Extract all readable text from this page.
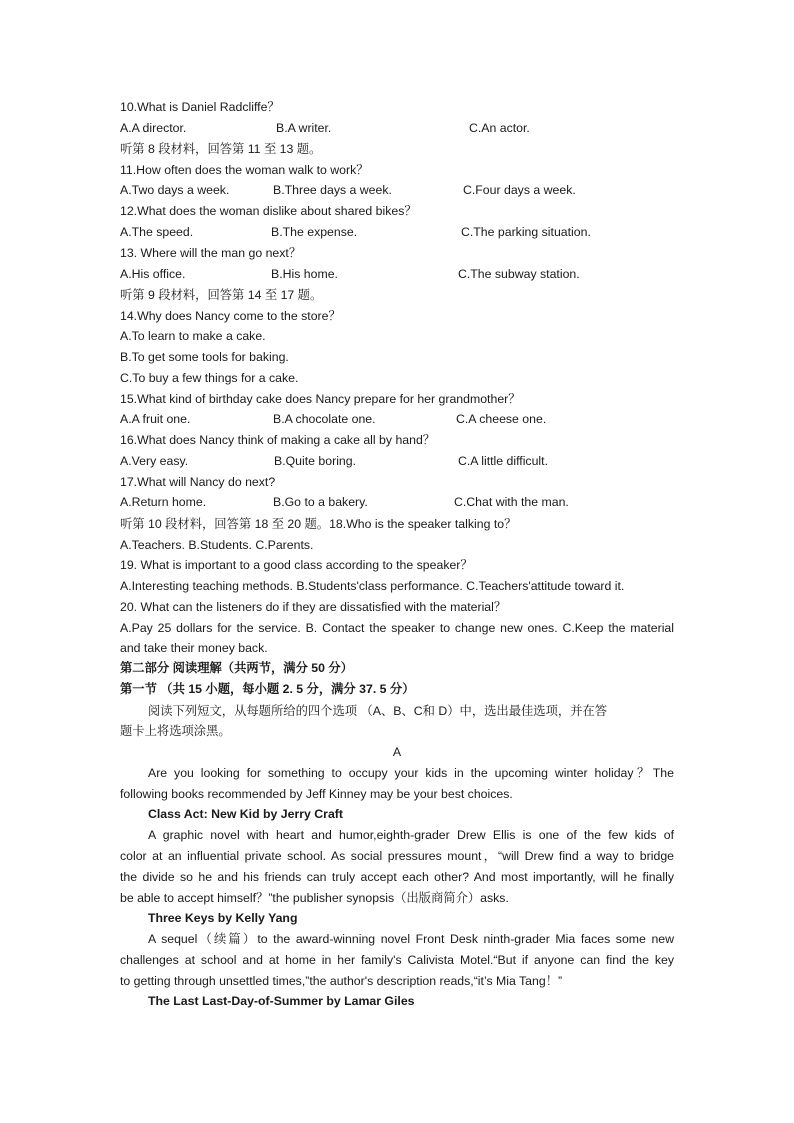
10.What is Daniel Radcliffe？
A.A director.	B.A writer.	C.An actor.
听第 8 段材料，回答第 11 至 13 题。
11.How often does the woman walk to work？
A.Two days a week.	B.Three days a week.	C.Four days a week.
12.What does the woman dislike about shared bikes？
A.The speed.	B.The expense.	C.The parking situation.
13. Where will the man go next？
A.His office.	B.His home.	C.The subway station.
听第 9 段材料，回答第 14 至 17 题。
14.Why does Nancy come to the store？
A.To learn to make a cake.
B.To get some tools for baking.
C.To buy a few things for a cake.
15.What kind of birthday cake does Nancy prepare for her grandmother？
A.A fruit one.	B.A chocolate one.	C.A cheese one.
16.What does Nancy think of making a cake all by hand？
A.Very easy.	B.Quite boring.	C.A little difficult.
17.What will Nancy do next?
A.Return home.	B.Go to a bakery.	C.Chat with the man.
听第 10 段材料，回答第 18 至 20 题。18.Who is the speaker talking to？
A.Teachers. B.Students. C.Parents.
19. What is important to a good class according to the speaker？
A.Interesting teaching methods. B.Students'class performance. C.Teachers'attitude toward it.
20. What can the listeners do if they are dissatisfied with the material？
A.Pay 25 dollars for the service. B. Contact the speaker to change new ones. C.Keep the material
and take their money back.
第二部分 阅读理解（共两节，满分 50 分）
第一节 （共 15 小题，每小题 2. 5 分，满分 37. 5 分）
阅读下列短文，从每题所给的四个选项 （A、B、C和 D）中，选出最佳选项，并在答
题卡上将选项涂黑。
A
Are you looking for something to occupy your kids in the upcoming winter holiday？The
following books recommended by Jeff Kinney may be your best choices.
Class Act: New Kid by Jerry Craft
A graphic novel with heart and humor,eighth-grader Drew Ellis is one of the few kids of
color at an influential private school. As social pressures mount，“will Drew find a way to bridge
the divide so he and his friends can truly accept each other? And most importantly, will he finally
be able to accept himself？”the publisher synopsis（出版商简介）asks.
Three Keys by Kelly Yang
A sequel（续篇）to the award-winning novel Front Desk ninth-grader Mia faces some new
challenges at school and at home in her family's Calivista Motel.“But if anyone can find the key
to getting through unsettled times,”the author's description reads,“it’s Mia Tang！”
The Last Last-Day-of-Summer by Lamar Giles
